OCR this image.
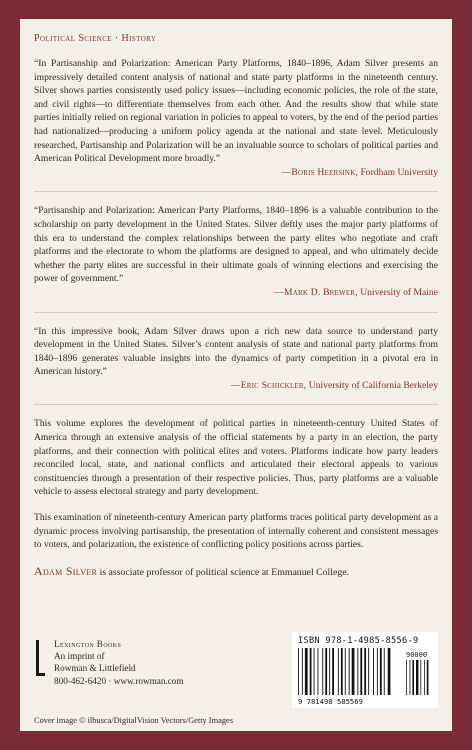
Political Science · History
“In Partisanship and Polarization: American Party Platforms, 1840–1896, Adam Silver presents an impressively detailed content analysis of national and state party platforms in the nineteenth century. Silver shows parties consistently used policy issues—including economic policies, the role of the state, and civil rights—to differentiate themselves from each other. And the results show that while state parties initially relied on regional variation in policies to appeal to voters, by the end of the period parties had nationalized—producing a uniform policy agenda at the national and state level. Meticulously researched, Partisanship and Polarization will be an invaluable source to scholars of political parties and American Political Development more broadly.”
—Boris Heersink, Fordham University
“Partisanship and Polarization: American Party Platforms, 1840–1896 is a valuable contribution to the scholarship on party development in the United States. Silver deftly uses the major party platforms of this era to understand the complex relationships between the party elites who negotiate and craft platforms and the electorate to whom the platforms are designed to appeal, and who ultimately decide whether the party elites are successful in their ultimate goals of winning elections and exercising the power of government.”
—Mark D. Brewer, University of Maine
“In this impressive book, Adam Silver draws upon a rich new data source to understand party development in the United States. Silver’s content analysis of state and national party platforms from 1840–1896 generates valuable insights into the dynamics of party competition in a pivotal era in American history.”
—Eric Schickler, University of California Berkeley
This volume explores the development of political parties in nineteenth-century United States of America through an extensive analysis of the official statements by a party in an election, the party platforms, and their connection with political elites and voters. Platforms indicate how party leaders reconciled local, state, and national conflicts and articulated their electoral appeals to various constituencies through a presentation of their respective policies. Thus, party platforms are a valuable vehicle to assess electoral strategy and party development.
This examination of nineteenth-century American party platforms traces political party development as a dynamic process involving partisanship, the presentation of internally coherent and consistent messages to voters, and polarization, the existence of conflicting policy positions across parties.
Adam Silver is associate professor of political science at Emmanuel College.
Lexington Books
An imprint of
Rowman & Littlefield
800-462-6420 · www.rowman.com
ISBN 978-1-4985-8556-9
90000
9 781498 585569
Cover image © ilbusca/DigitalVision Vectors/Getty Images
